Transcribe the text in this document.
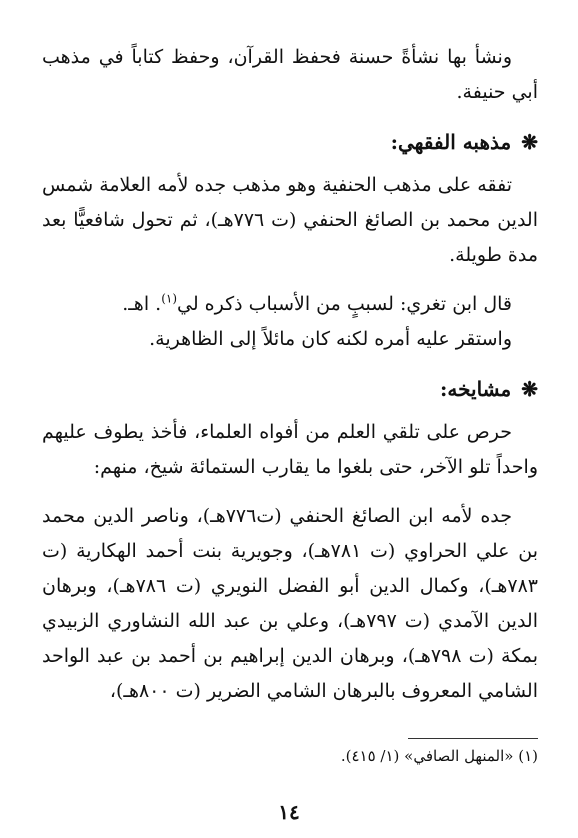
ونشأ بها نشأةً حسنة فحفظ القرآن، وحفظ كتاباً في مذهب أبي حنيفة.

❋
مذهبه الفقهي:

تفقه على مذهب الحنفية وهو مذهب جده لأمه العلامة شمس الدين محمد بن الصائغ الحنفي (ت ٧٧٦هـ)، ثم تحول شافعيًّا بعد مدة طويلة.

قال ابن تغري: لسببٍ من الأسباب ذكره لي$^{(١)}$. اهـ.

واستقر عليه أمره لكنه كان مائلاً إلى الظاهرية.

❋
مشايخه:

حرص على تلقي العلم من أفواه العلماء، فأخذ يطوف عليهم واحداً تلو الآخر، حتى بلغوا ما يقارب الستمائة شيخ، منهم:

جده لأمه ابن الصائغ الحنفي (ت٧٧٦هـ)، وناصر الدين محمد بن علي الحراوي (ت ٧٨١هـ)، وجويرية بنت أحمد الهكارية (ت ٧٨٣هـ)، وكمال الدين أبو الفضل النويري (ت ٧٨٦هـ)، وبرهان الدين الآمدي (ت ٧٩٧هـ)، وعلي بن عبد الله النشاوري الزبيدي بمكة (ت ٧٩٨هـ)، وبرهان الدين إبراهيم بن أحمد بن عبد الواحد الشامي المعروف بالبرهان الشامي الضرير (ت ٨٠٠هـ)،

(١) «المنهل الصافي» (١/ ٤١٥).

١٤
